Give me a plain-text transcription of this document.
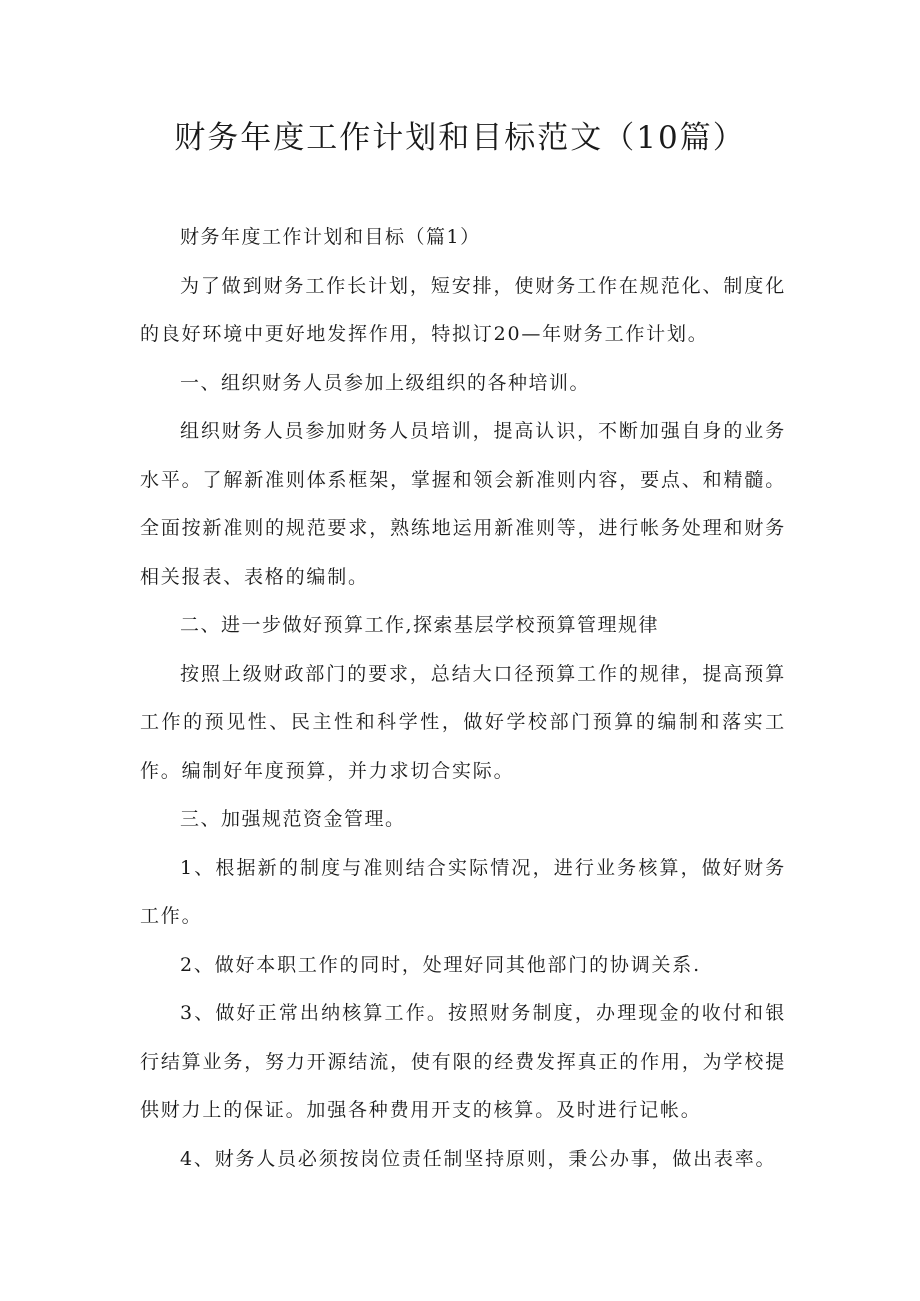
财务年度工作计划和目标范文（10篇）

财务年度工作计划和目标（篇1）

为了做到财务工作长计划，短安排，使财务工作在规范化、制度化的良好环境中更好地发挥作用，特拟订20—年财务工作计划。

一、组织财务人员参加上级组织的各种培训。

组织财务人员参加财务人员培训，提高认识，不断加强自身的业务水平。了解新准则体系框架，掌握和领会新准则内容，要点、和精髓。全面按新准则的规范要求，熟练地运用新准则等，进行帐务处理和财务相关报表、表格的编制。

二、进一步做好预算工作,探索基层学校预算管理规律

按照上级财政部门的要求，总结大口径预算工作的规律，提高预算工作的预见性、民主性和科学性，做好学校部门预算的编制和落实工作。编制好年度预算，并力求切合实际。

三、加强规范资金管理。

1、根据新的制度与准则结合实际情况，进行业务核算，做好财务工作。

2、做好本职工作的同时，处理好同其他部门的协调关系.

3、做好正常出纳核算工作。按照财务制度，办理现金的收付和银行结算业务，努力开源结流，使有限的经费发挥真正的作用，为学校提供财力上的保证。加强各种费用开支的核算。及时进行记帐。

4、财务人员必须按岗位责任制坚持原则，秉公办事，做出表率。
